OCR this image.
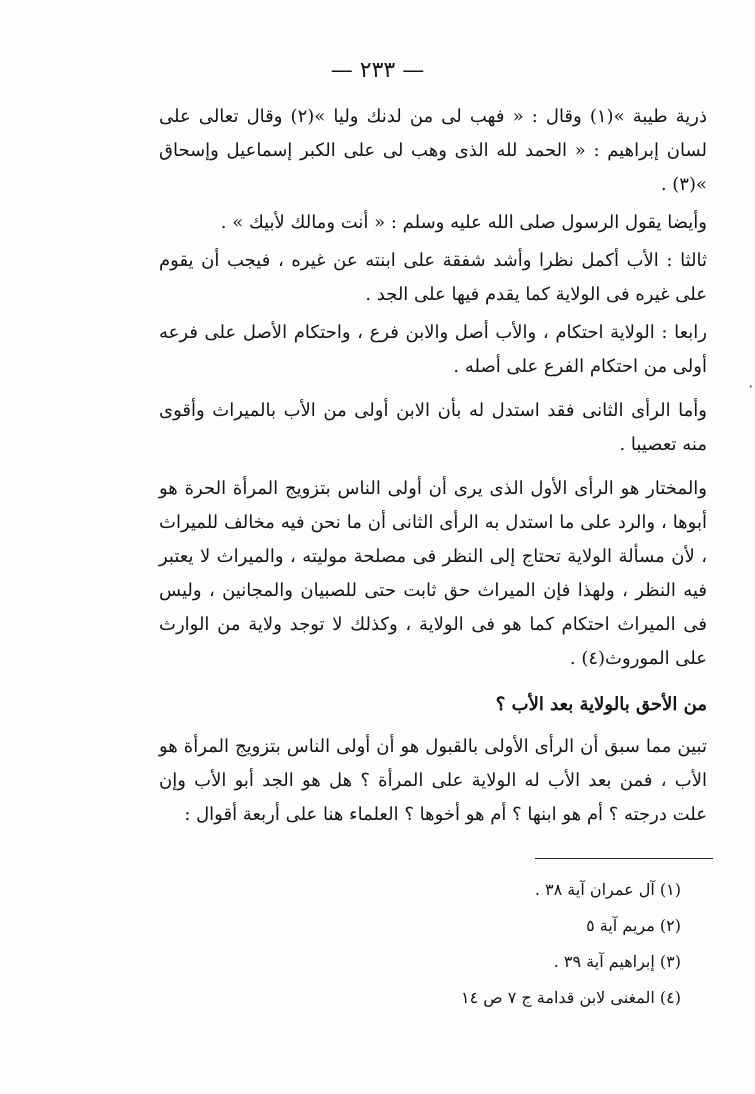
— ٢٣٣ —

ذرية طيبة »(١) وقال : « فهب لى من لدنك وليا »(٢) وقال تعالى على لسان إبراهيم : « الحمد لله الذى وهب لى على الكبر إسماعيل وإسحاق »(٣) .

وأيضا يقول الرسول صلى الله عليه وسلم : « أنت ومالك لأبيك » .

ثالثا : الأب أكمل نظرا وأشد شفقة على ابنته عن غيره ، فيجب أن يقوم على غيره فى الولاية كما يقدم فيها على الجد .

رابعا : الولاية احتكام ، والأب أصل والابن فرع ، واحتكام الأصل على فرعه أولى من احتكام الفرع على أصله .

وأما الرأى الثانى فقد استدل له بأن الابن أولى من الأب بالميراث وأقوى منه تعصيبا .

والمختار هو الرأى الأول الذى يرى أن أولى الناس بتزويج المرأة الحرة هو أبوها ، والرد على ما استدل به الرأى الثانى أن ما نحن فيه مخالف للميراث ، لأن مسألة الولاية تحتاج إلى النظر فى مصلحة موليته ، والميراث لا يعتبر فيه النظر ، ولهذا فإن الميراث حق ثابت حتى للصبيان والمجانين ، وليس فى الميراث احتكام كما هو فى الولاية ، وكذلك لا توجد ولاية من الوارث على الموروث(٤) .

من الأحق بالولاية بعد الأب ؟

تبين مما سبق أن الرأى الأولى بالقبول هو أن أولى الناس بتزويج المرأة هو الأب ، فمن بعد الأب له الولاية على المرأة ؟ هل هو الجد أبو الأب وإن علت درجته ؟ أم هو ابنها ؟ أم هو أخوها ؟ العلماء هنا على أربعة أقوال :

(١) آل عمران آية ٣٨ .

(٢) مريم آية ٥

(٣) إبراهيم آية ٣٩ .

(٤) المغنى لابن قدامة ج ٧ ص ١٤

۰
